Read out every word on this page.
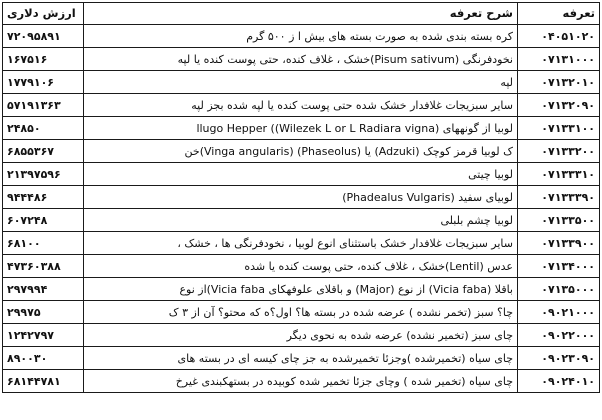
تعرفه	شرح تعرفه	ارزش دلاری
۰۴۰۵۱۰۲۰	کره بسته بندی شده به صورت بسته های بیش ا ز ۵۰۰ گرم	۷۲۰۹۵۸۹۱
۰۷۱۳۱۰۰۰	نخودفرنگی (Pisum sativum)خشک ، غلاف کنده، حتی پوست کنده یا لپه	۱۶۷۵۱۶
۰۷۱۳۲۰۱۰	لپه	۱۷۷۹۱۰۶
۰۷۱۳۲۰۹۰	سایر سبزیجات غلافدار خشک شده حتی پوست کنده یا لپه شده بجز لپه	۵۷۱۹۱۳۶۳
۰۷۱۳۳۱۰۰	لوبیا از گونههای (Wilezek L or L Radiara vigna)) llugo Hepper	۲۴۸۵۰
۰۷۱۳۳۲۰۰	ک لوبیا قرمز کوچک (Adzuki) یا (Phaseolus) (Vinga angularis)خن	۶۸۵۵۳۶۷
۰۷۱۳۳۳۱۰	لوبیا چیتی	۲۱۳۹۷۵۹۶
۰۷۱۳۳۳۹۰	لوبیای سفید (Phadealus Vulgaris)	۹۴۴۴۸۶
۰۷۱۳۳۵۰۰	لوبیا چشم بلبلی	۶۰۷۲۴۸
۰۷۱۳۳۹۰۰	سایر سبزیجات غلافدار خشک باستثنای انوع لوبیا ، نخودفرنگی ها ، خشک ،	۶۸۱۰۰
۰۷۱۳۴۰۰۰	عدس (Lentil)خشک ، غلاف کنده، حتی پوست کنده یا شده	۴۷۳۶۰۳۸۸
۰۷۱۳۵۰۰۰	باقلا (Vicia faba) از نوع (Major) و باقلای علوفهکای Vicia faba)از نوع	۲۹۷۹۹۴
۰۹۰۲۱۰۰۰	چا؟ سبز (تخمر نشده ) عرضه شده در بسته ها؟ اول؟ه که محتو؟ آن از ۳ ک	۲۹۹۷۵
۰۹۰۲۲۰۰۰	چای سبز (تخمیر نشده) عرضه شده به نحوی دیگر	۱۲۴۲۷۹۷
۰۹۰۲۳۰۹۰	چای سیاه (تخمیرشده )وجزئا تخمیرشده به جز چای کیسه ای در بسته های	۸۹۰۰۳۰
۰۹۰۲۴۰۱۰	چای سیاه (تخمیر شده ) وچای جزئا تخمیر شده کوبیده در بستهکبندی غیرخ	۶۸۱۴۴۷۸۱
